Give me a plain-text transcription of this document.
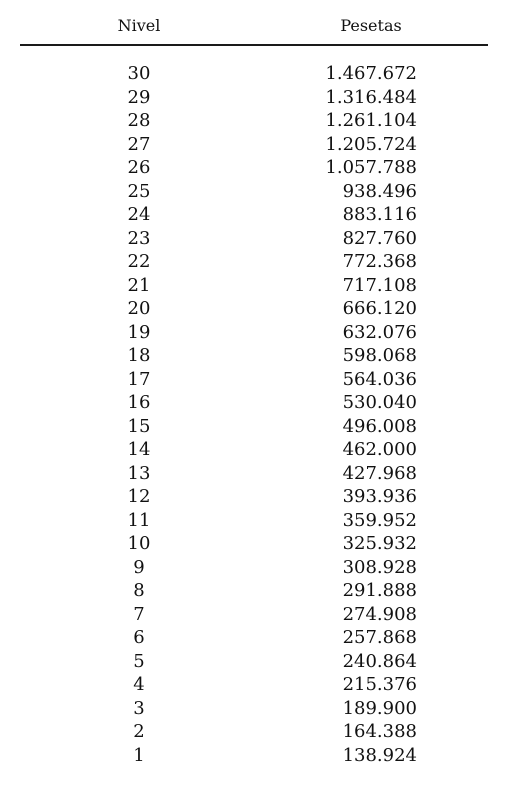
Nivel	Pesetas
30	1.467.672
29	1.316.484
28	1.261.104
27	1.205.724
26	1.057.788
25	938.496
24	883.116
23	827.760
22	772.368
21	717.108
20	666.120
19	632.076
18	598.068
17	564.036
16	530.040
15	496.008
14	462.000
13	427.968
12	393.936
11	359.952
10	325.932
9	308.928
8	291.888
7	274.908
6	257.868
5	240.864
4	215.376
3	189.900
2	164.388
1	138.924
